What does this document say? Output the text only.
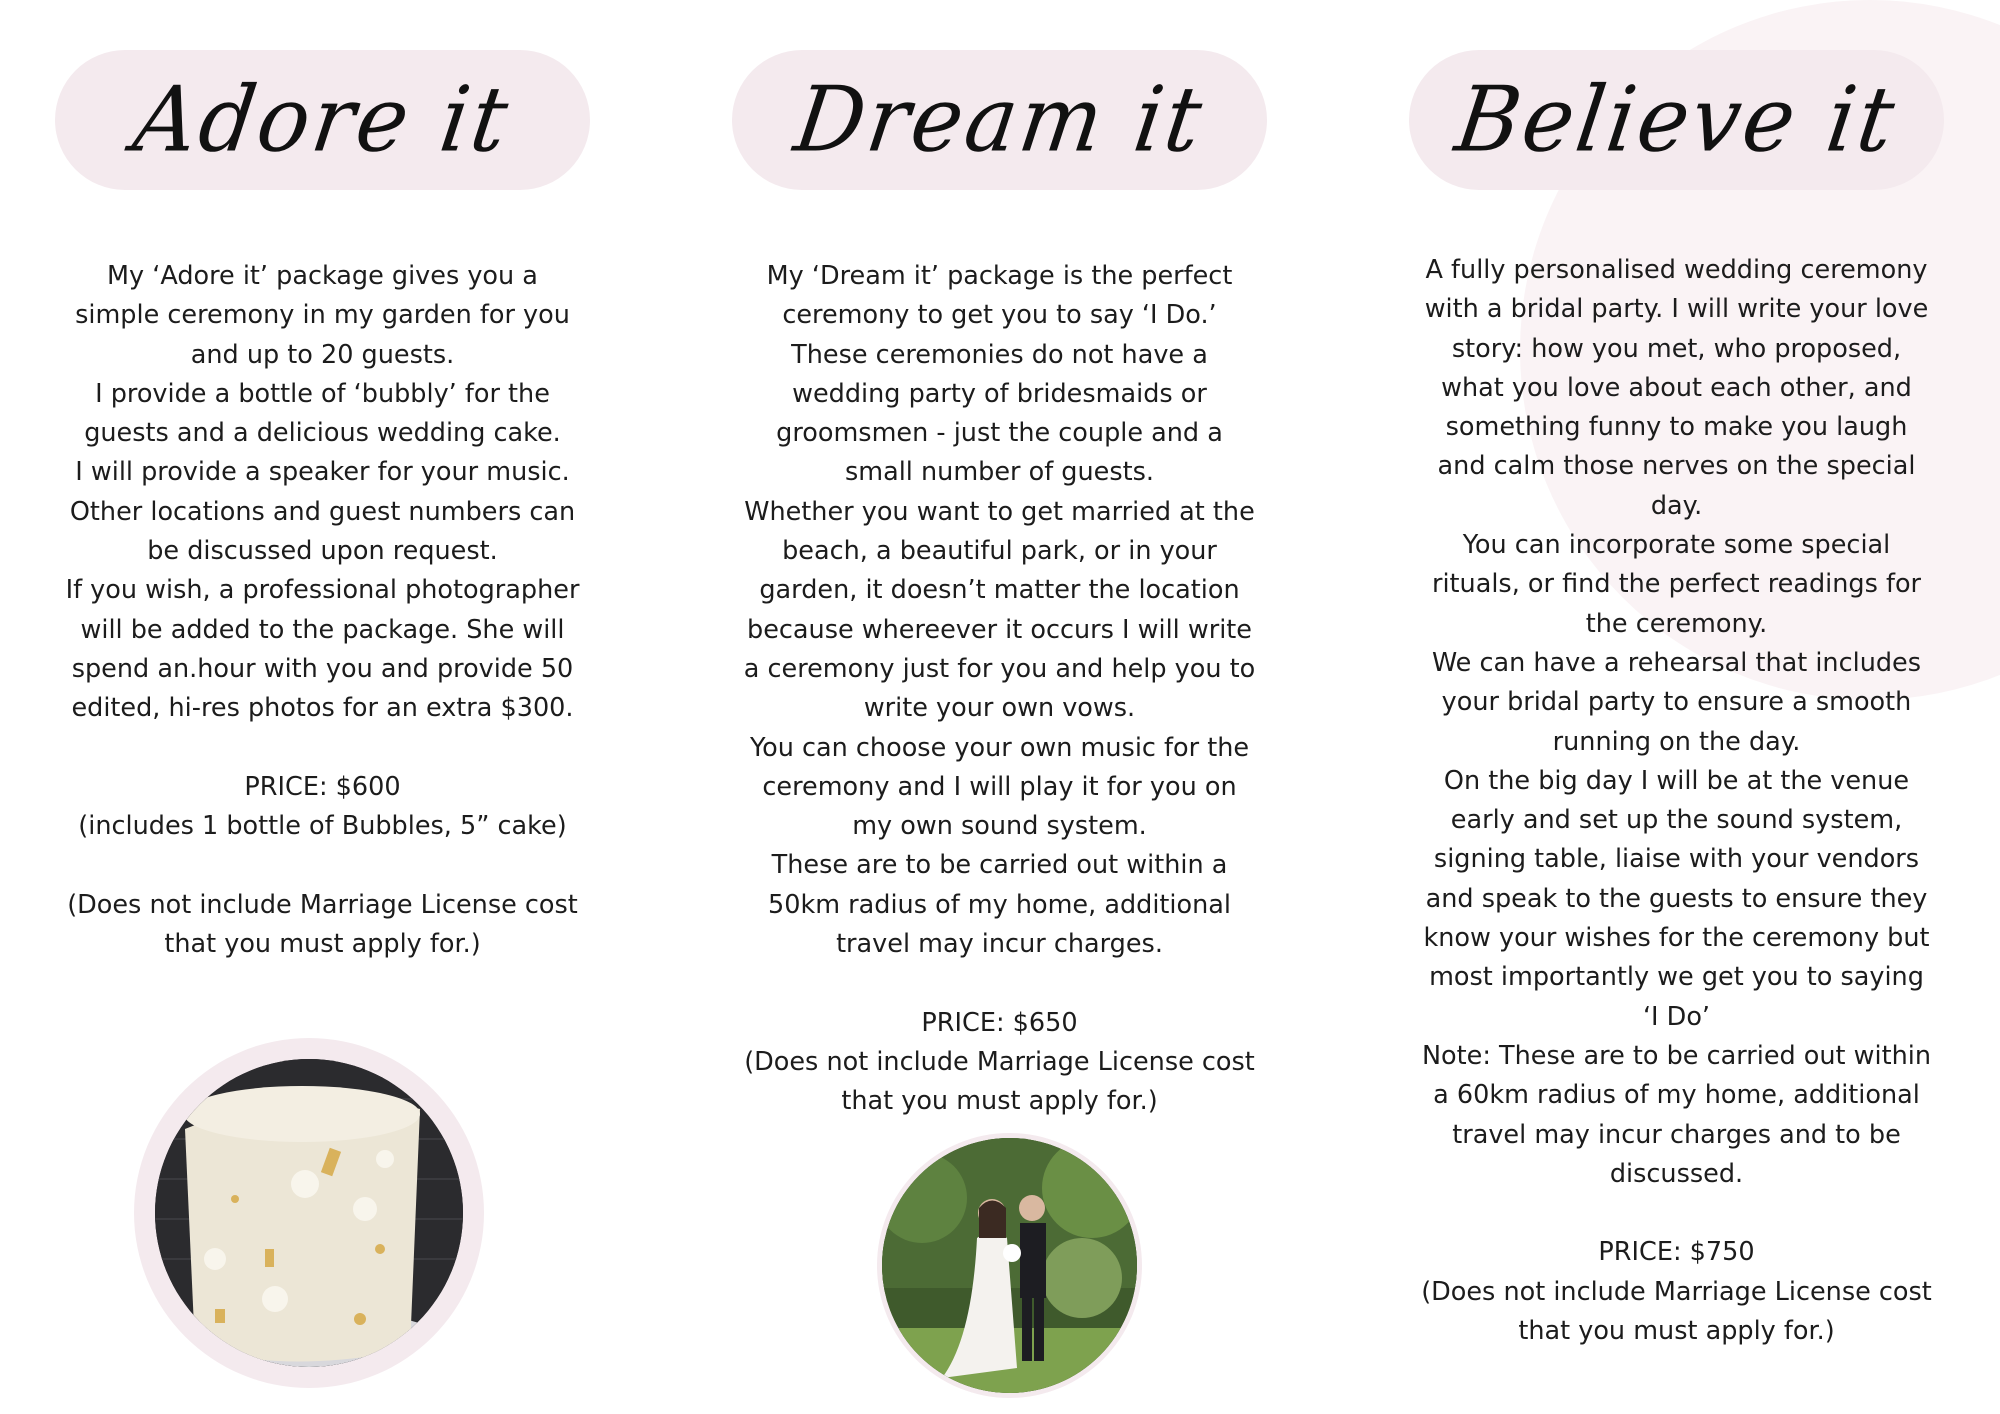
Adore it

My ‘Adore it’ package gives you a simple ceremony in my garden for you and up to 20 guests.

I provide a bottle of ‘bubbly’ for the guests and a delicious wedding cake.

I will provide a speaker for your music.

Other locations and guest numbers can be discussed upon request.

If you wish, a professional photographer will be added to the package. She will spend an.hour with you and provide 50 edited, hi-res photos for an extra $300.

PRICE: $600

(includes 1 bottle of Bubbles, 5” cake)

(Does not include Marriage License cost that you must apply for.)

Dream it

My ‘Dream it’ package is the perfect ceremony to get you to say ‘I Do.’

These ceremonies do not have a wedding party of bridesmaids or groomsmen - just the couple and a small number of guests.

Whether you want to get married at the beach, a beautiful park, or in your garden, it doesn’t matter the location because whereever it occurs I will write a ceremony just for you and help you to write your own vows.

You can choose your own music for the ceremony and I will play it for you on my own sound system.

These are to be carried out within a 50km radius of my home, additional travel may incur charges.

PRICE: $650

(Does not include Marriage License cost that you must apply for.)

Believe it

A fully personalised wedding ceremony with a bridal party. I will write your love story: how you met, who proposed, what you love about each other, and something funny to make you laugh and calm those nerves on the special day.

You can incorporate some special rituals, or find the perfect readings for the ceremony.

We can have a rehearsal that includes your bridal party to ensure a smooth running on the day.

On the big day I will be at the venue early and set up the sound system, signing table, liaise with your vendors and speak to the guests to ensure they know your wishes for the ceremony but most importantly we get you to saying ‘I Do’

Note: These are to be carried out within a 60km radius of my home, additional travel may incur charges and to be discussed.

PRICE: $750

(Does not include Marriage License cost that you must apply for.)
